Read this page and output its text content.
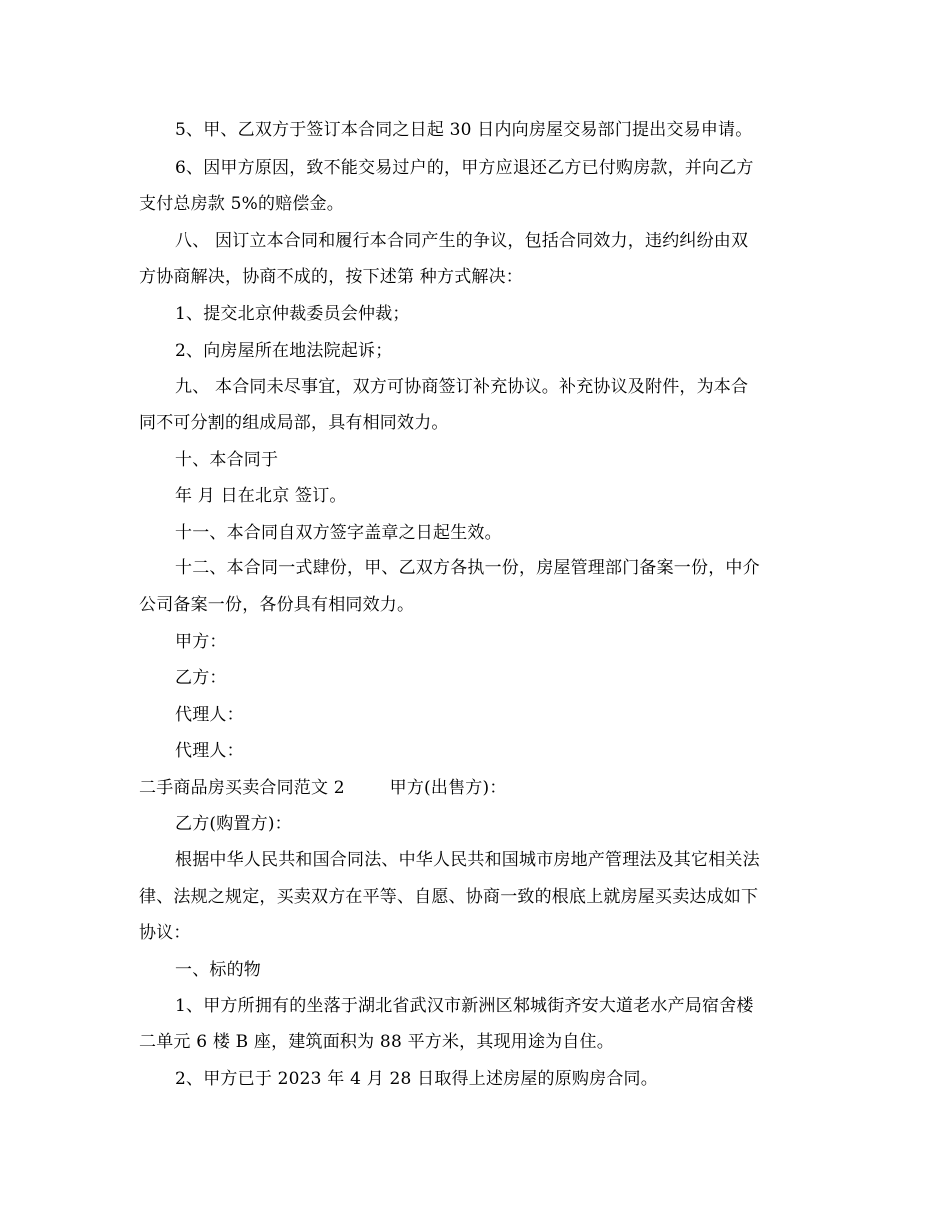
5、甲、乙双方于签订本合同之日起 30 日内向房屋交易部门提出交易申请。
6、因甲方原因，致不能交易过户的，甲方应退还乙方已付购房款，并向乙方
支付总房款 5%的赔偿金。
八、 因订立本合同和履行本合同产生的争议，包括合同效力，违约纠纷由双
方协商解决，协商不成的，按下述第 种方式解决：
1、提交北京仲裁委员会仲裁；
2、向房屋所在地法院起诉；
九、 本合同未尽事宜，双方可协商签订补充协议。补充协议及附件，为本合
同不可分割的组成局部，具有相同效力。
十、本合同于
年 月 日在北京 签订。
十一、本合同自双方签字盖章之日起生效。
十二、本合同一式肆份，甲、乙双方各执一份，房屋管理部门备案一份，中介
公司备案一份，各份具有相同效力。
甲方：
乙方：
代理人：
代理人：
二手商品房买卖合同范文 2        甲方(出售方)：
乙方(购置方)：
根据中华人民共和国合同法、中华人民共和国城市房地产管理法及其它相关法
律、法规之规定，买卖双方在平等、自愿、协商一致的根底上就房屋买卖达成如下
协议：
一、标的物
1、甲方所拥有的坐落于湖北省武汉市新洲区邾城街齐安大道老水产局宿舍楼
二单元 6 楼 B 座，建筑面积为 88 平方米，其现用途为自住。
2、甲方已于 2023 年 4 月 28 日取得上述房屋的原购房合同。
